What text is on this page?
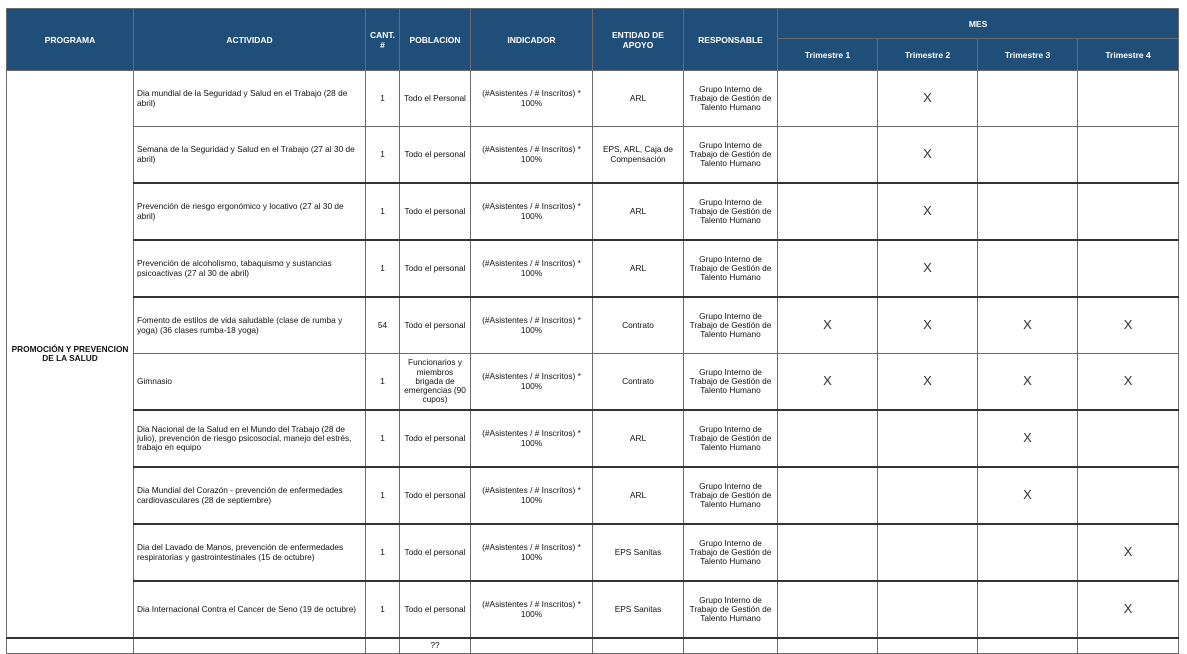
PROGRAMA	ACTIVIDAD	CANT. #	POBLACION	INDICADOR	ENTIDAD DE APOYO	RESPONSABLE	MES			
							Trimestre 1	Trimestre 2	Trimestre 3	Trimestre 4
PROMOCIÓN Y PREVENCION DE LA SALUD	Dia mundial de la Seguridad y Salud en el Trabajo (28 de abril)	1	Todo el Personal	(#Asistentes / # Inscritos) * 100%	ARL	Grupo Interno de Trabajo de Gestión de Talento Humano		X		
	Semana de la Seguridad y Salud en el Trabajo (27 al 30 de abril)	1	Todo el personal	(#Asistentes / # Inscritos) * 100%	EPS, ARL, Caja de Compensación	Grupo Interno de Trabajo de Gestión de Talento Humano		X		
	Prevención de riesgo ergonómico y locativo (27 al 30 de abril)	1	Todo el personal	(#Asistentes / # Inscritos) * 100%	ARL	Grupo Interno de Trabajo de Gestión de Talento Humano		X		
	Prevención de alcoholismo, tabaquismo y sustancias psicoactivas (27 al 30 de abril)	1	Todo el personal	(#Asistentes / # Inscritos) * 100%	ARL	Grupo Interno de Trabajo de Gestión de Talento Humano		X		
	Fomento de estilos de vida saludable (clase de rumba y yoga) (36 clases rumba-18 yoga)	54	Todo el personal	(#Asistentes / # Inscritos) * 100%	Contrato	Grupo Interno de Trabajo de Gestión de Talento Humano	X	X	X	X
	Gimnasio	1	Funcionarios y miembros brigada de emergencias (90 cupos)	(#Asistentes / # Inscritos) * 100%	Contrato	Grupo Interno de Trabajo de Gestión de Talento Humano	X	X	X	X
	Dia Nacional de la Salud en el Mundo del Trabajo (28 de julio), prevención de riesgo psicosocial, manejo del estrés, trabajo en equipo	1	Todo el personal	(#Asistentes / # Inscritos) * 100%	ARL	Grupo Interno de Trabajo de Gestión de Talento Humano			X	
	Dia Mundial del Corazón - prevención de enfermedades cardiovasculares (28 de septiembre)	1	Todo el personal	(#Asistentes / # Inscritos) * 100%	ARL	Grupo Interno de Trabajo de Gestión de Talento Humano			X	
	Dia del Lavado de Manos, prevención de enfermedades respiratorias y gastrointestinales (15 de octubre)	1	Todo el personal	(#Asistentes / # Inscritos) * 100%	EPS Sanitas	Grupo Interno de Trabajo de Gestión de Talento Humano				X
	Dia Internacional Contra el Cancer de Seno (19 de octubre)	1	Todo el personal	(#Asistentes / # Inscritos) * 100%	EPS Sanitas	Grupo Interno de Trabajo de Gestión de Talento Humano				X
			??							
